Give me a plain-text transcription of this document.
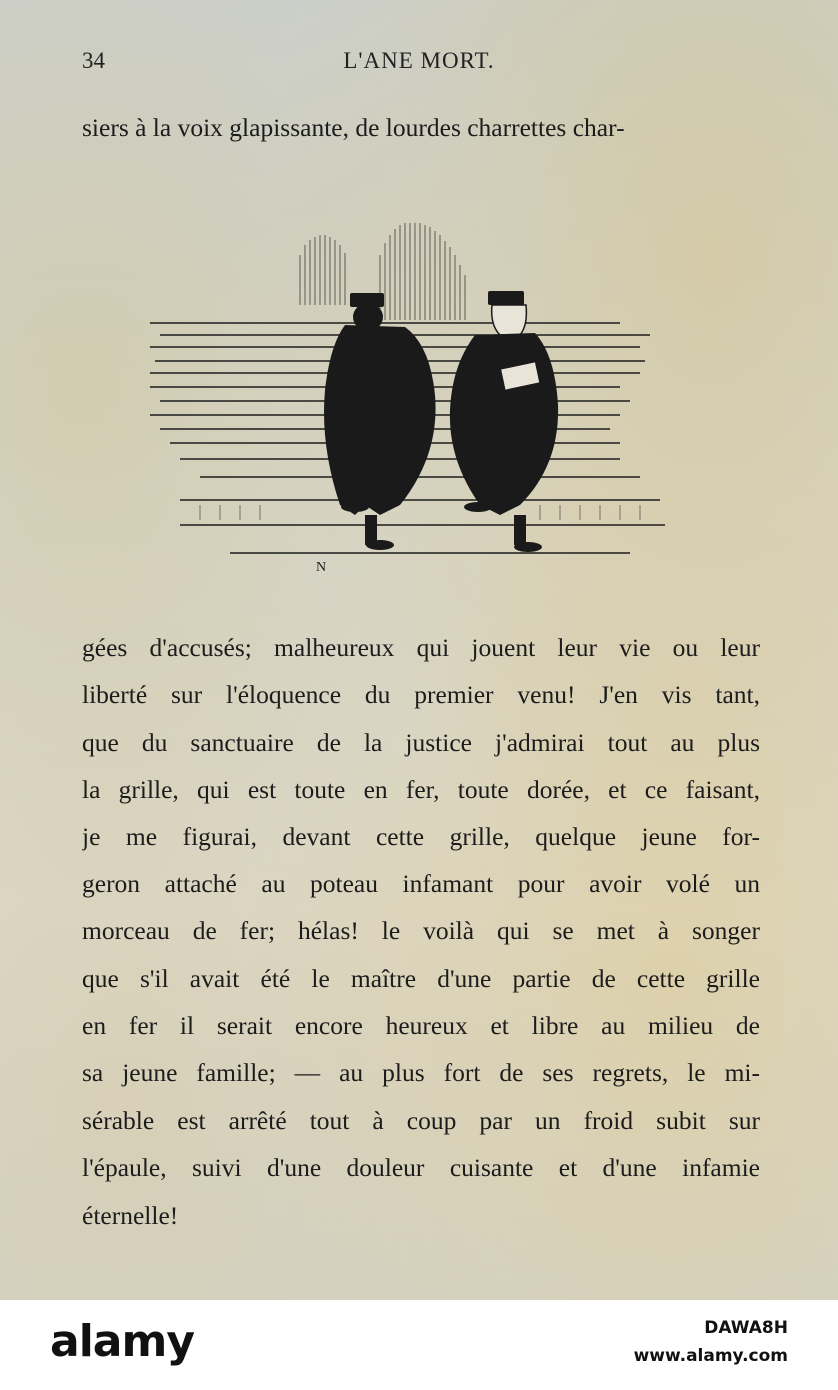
34	L'ANE MORT.
siers à la voix glapissante, de lourdes charrettes char-
N
gées d'accusés; malheureux qui jouent leur vie ou leur
liberté sur l'éloquence du premier venu! J'en vis tant,
que du sanctuaire de la justice j'admirai tout au plus
la grille, qui est toute en fer, toute dorée, et ce faisant,
je me figurai, devant cette grille, quelque jeune for-
geron attaché au poteau infamant pour avoir volé un
morceau de fer; hélas! le voilà qui se met à songer
que s'il avait été le maître d'une partie de cette grille
en fer il serait encore heureux et libre au milieu de
sa jeune famille; — au plus fort de ses regrets, le mi-
sérable est arrêté tout à coup par un froid subit sur
l'épaule, suivi d'une douleur cuisante et d'une infamie
éternelle!
alamy	DAWA8H
www.alamy.com
